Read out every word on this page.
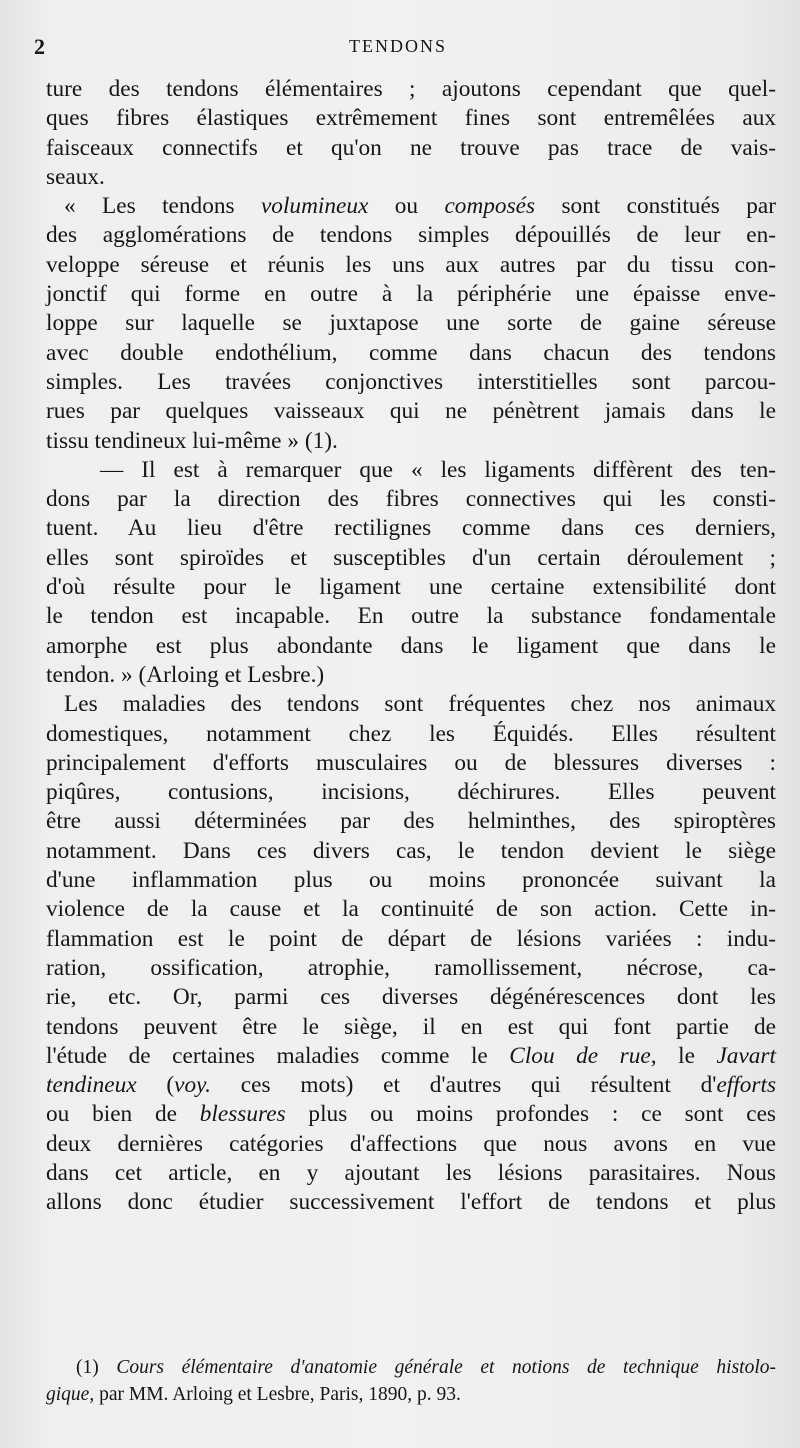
2	TENDONS
ture des tendons élémentaires ; ajoutons cependant que quel-
ques fibres élastiques extrêmement fines sont entremêlées aux
faisceaux connectifs et qu'on ne trouve pas trace de vais-
seaux.
« Les tendons volumineux ou composés sont constitués par
des agglomérations de tendons simples dépouillés de leur en-
veloppe séreuse et réunis les uns aux autres par du tissu con-
jonctif qui forme en outre à la périphérie une épaisse enve-
loppe sur laquelle se juxtapose une sorte de gaine séreuse
avec double endothélium, comme dans chacun des tendons
simples. Les travées conjonctives interstitielles sont parcou-
rues par quelques vaisseaux qui ne pénètrent jamais dans le
tissu tendineux lui-même » (1).
— Il est à remarquer que « les ligaments diffèrent des ten-
dons par la direction des fibres connectives qui les consti-
tuent. Au lieu d'être rectilignes comme dans ces derniers,
elles sont spiroïdes et susceptibles d'un certain déroulement ;
d'où résulte pour le ligament une certaine extensibilité dont
le tendon est incapable. En outre la substance fondamentale
amorphe est plus abondante dans le ligament que dans le
tendon. » (Arloing et Lesbre.)
Les maladies des tendons sont fréquentes chez nos animaux
domestiques, notamment chez les Équidés. Elles résultent
principalement d'efforts musculaires ou de blessures diverses :
piqûres, contusions, incisions, déchirures. Elles peuvent
être aussi déterminées par des helminthes, des spiroptères
notamment. Dans ces divers cas, le tendon devient le siège
d'une inflammation plus ou moins prononcée suivant la
violence de la cause et la continuité de son action. Cette in-
flammation est le point de départ de lésions variées : indu-
ration, ossification, atrophie, ramollissement, nécrose, ca-
rie, etc. Or, parmi ces diverses dégénérescences dont les
tendons peuvent être le siège, il en est qui font partie de
l'étude de certaines maladies comme le Clou de rue, le Javart
tendineux (voy. ces mots) et d'autres qui résultent d'efforts
ou bien de blessures plus ou moins profondes : ce sont ces
deux dernières catégories d'affections que nous avons en vue
dans cet article, en y ajoutant les lésions parasitaires. Nous
allons donc étudier successivement l'effort de tendons et plus
(1) Cours élémentaire d'anatomie générale et notions de technique histolo-
gique, par MM. Arloing et Lesbre, Paris, 1890, p. 93.
